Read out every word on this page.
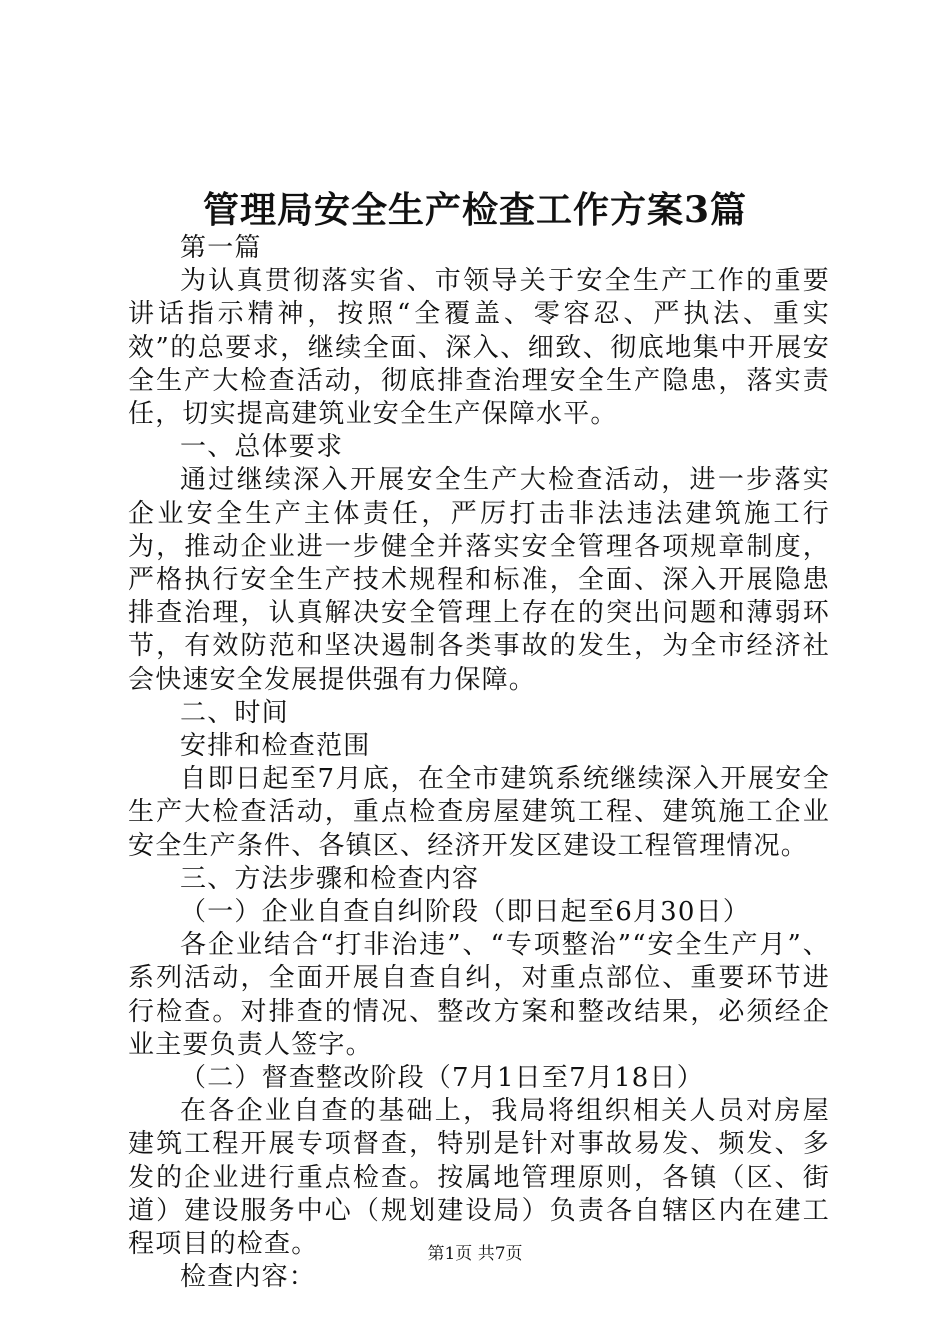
管理局安全生产检查工作方案3篇

第一篇

为认真贯彻落实省、市领导关于安全生产工作的重要讲话指示精神，按照“全覆盖、零容忍、严执法、重实效”的总要求，继续全面、深入、细致、彻底地集中开展安全生产大检查活动，彻底排查治理安全生产隐患，落实责任，切实提高建筑业安全生产保障水平。

一、总体要求

通过继续深入开展安全生产大检查活动，进一步落实企业安全生产主体责任，严厉打击非法违法建筑施工行为，推动企业进一步健全并落实安全管理各项规章制度，严格执行安全生产技术规程和标准，全面、深入开展隐患排查治理，认真解决安全管理上存在的突出问题和薄弱环节，有效防范和坚决遏制各类事故的发生，为全市经济社会快速安全发展提供强有力保障。

二、时间

安排和检查范围

自即日起至7月底，在全市建筑系统继续深入开展安全生产大检查活动，重点检查房屋建筑工程、建筑施工企业安全生产条件、各镇区、经济开发区建设工程管理情况。

三、方法步骤和检查内容

（一）企业自查自纠阶段（即日起至6月30日）

各企业结合“打非治违”、“专项整治”“安全生产月”、系列活动，全面开展自查自纠，对重点部位、重要环节进行检查。对排查的情况、整改方案和整改结果，必须经企业主要负责人签字。

（二）督查整改阶段（7月1日至7月18日）

在各企业自查的基础上，我局将组织相关人员对房屋建筑工程开展专项督查，特别是针对事故易发、频发、多发的企业进行重点检查。按属地管理原则，各镇（区、街道）建设服务中心（规划建设局）负责各自辖区内在建工程项目的检查。

检查内容：

第1页 共7页
